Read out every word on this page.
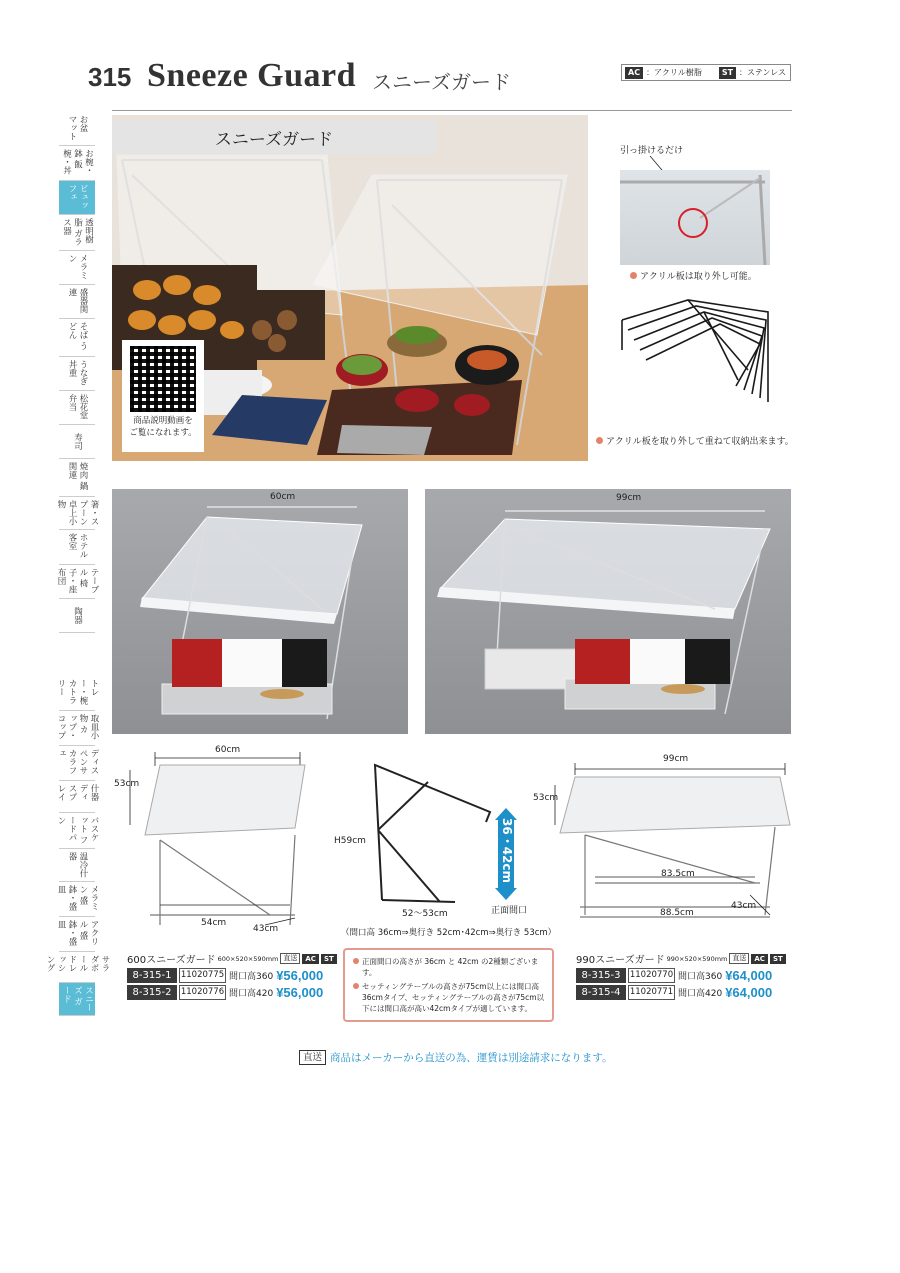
315 Sneeze Guard スニーズガード	AC ：アクリル樹脂	ST ：ステンレス
お盆 マット
お椀・鉢 飯椀・丼
ビュッフェ
透明樹脂 ガラス器
メラミン
盛器関連
そば うどん
うなぎ 丼重
松花堂 弁当
寿司
焼肉 鍋関連
箸・スプーン 卓上小物
ホテル 客室
テーブル 椅子・座布団
陶器
トレー・椀 カトラリー
取皿小物 カップ・コップ
ディスペンサ カラフェ
什器 ディスプレイ
バスケット フードパン
温冷什器
メラミン 盛鉢・盛皿
アクリル 盛鉢・盛皿
サラダボール ドレッシング
スニーズ ガード
スニーズガード
商品説明動画を
ご覧になれます。
引っ掛けるだけ
アクリル板は取り外し可能。
アクリル板を取り外して重ねて収納出来ます。
60cm	99cm
60cm
53cm
54cm
43cm
H59cm	36・42cm
52〜53cm	正面間口
（間口高 36cm⇒奥行き 52cm･42cm⇒奥行き 53cm）
99cm
53cm
83.5cm
43cm
88.5cm
600スニーズガード 600×520×590mm 直送	AC	ST
8-315-1	11020775 間口高360 ¥56,000
8-315-2	11020776 間口高420 ¥56,000
正面間口の高さが 36cm と 42cm の2種類ございます。
セッティングテーブルの高さが75cm以上には間口高36cmタイプ、セッティングテーブルの高さが75cm以下には間口高が高い42cmタイプが適しています。
990スニーズガード 990×520×590mm 直送	AC	ST
8-315-3	11020770 間口高360 ¥64,000
8-315-4	11020771 間口高420 ¥64,000
直送 商品はメーカーから直送の為、運賃は別途請求になります。
